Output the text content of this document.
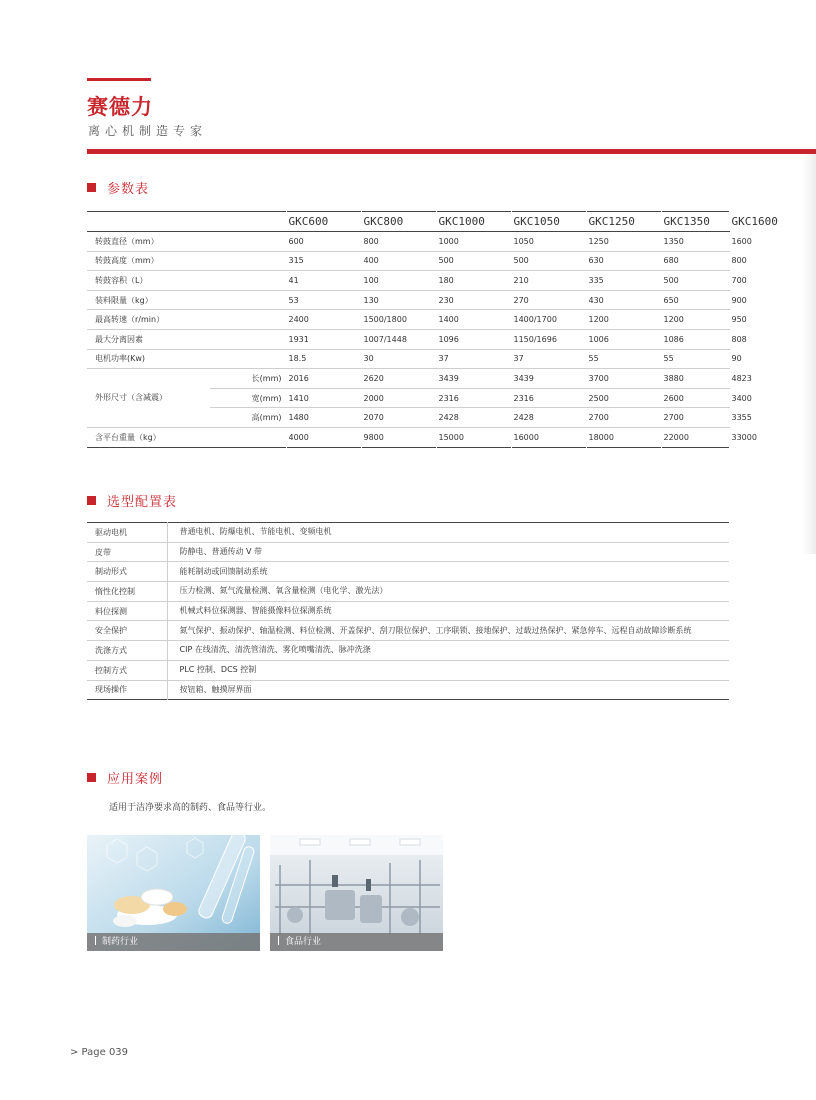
赛德力
离心机制造专家
参数表
		GKC600	GKC800	GKC1000	GKC1050	GKC1250	GKC1350	GKC1600
转鼓直径（mm）		600	800	1000	1050	1250	1350	1600
转鼓高度（mm）		315	400	500	500	630	680	800
转鼓容积（L）		41	100	180	210	335	500	700
装料限量（kg）		53	130	230	270	430	650	900
最高转速（r/min）		2400	1500/1800	1400	1400/1700	1200	1200	950
最大分离因素		1931	1007/1448	1096	1150/1696	1006	1086	808
电机功率(Kw)		18.5	30	37	37	55	55	90
外形尺寸（含减震）	长(mm)	2016	2620	3439	3439	3700	3880	4823
	宽(mm)	1410	2000	2316	2316	2500	2600	3400
	高(mm)	1480	2070	2428	2428	2700	2700	3355
含平台重量（kg）		4000	9800	15000	16000	18000	22000	33000
选型配置表
驱动电机	普通电机、防爆电机、节能电机、变频电机
皮带	防静电、普通传动 V 带
制动形式	能耗制动或回馈制动系统
惰性化控制	压力检测、氮气流量检测、氧含量检测（电化学、激光法）
料位探测	机械式料位探测器、智能摄像料位探测系统
安全保护	氮气保护、振动保护、轴温检测、料位检测、开盖保护、刮刀限位保护、工序联锁、接地保护、过载过热保护、紧急停车、远程自动故障诊断系统
洗涤方式	CIP 在线清洗、清洗管清洗、雾化喷嘴清洗、脉冲洗涤
控制方式	PLC 控制、DCS 控制
现场操作	按钮箱、触摸屏界面
应用案例
适用于洁净要求高的制药、食品等行业。
制药行业	食品行业
> Page 039
